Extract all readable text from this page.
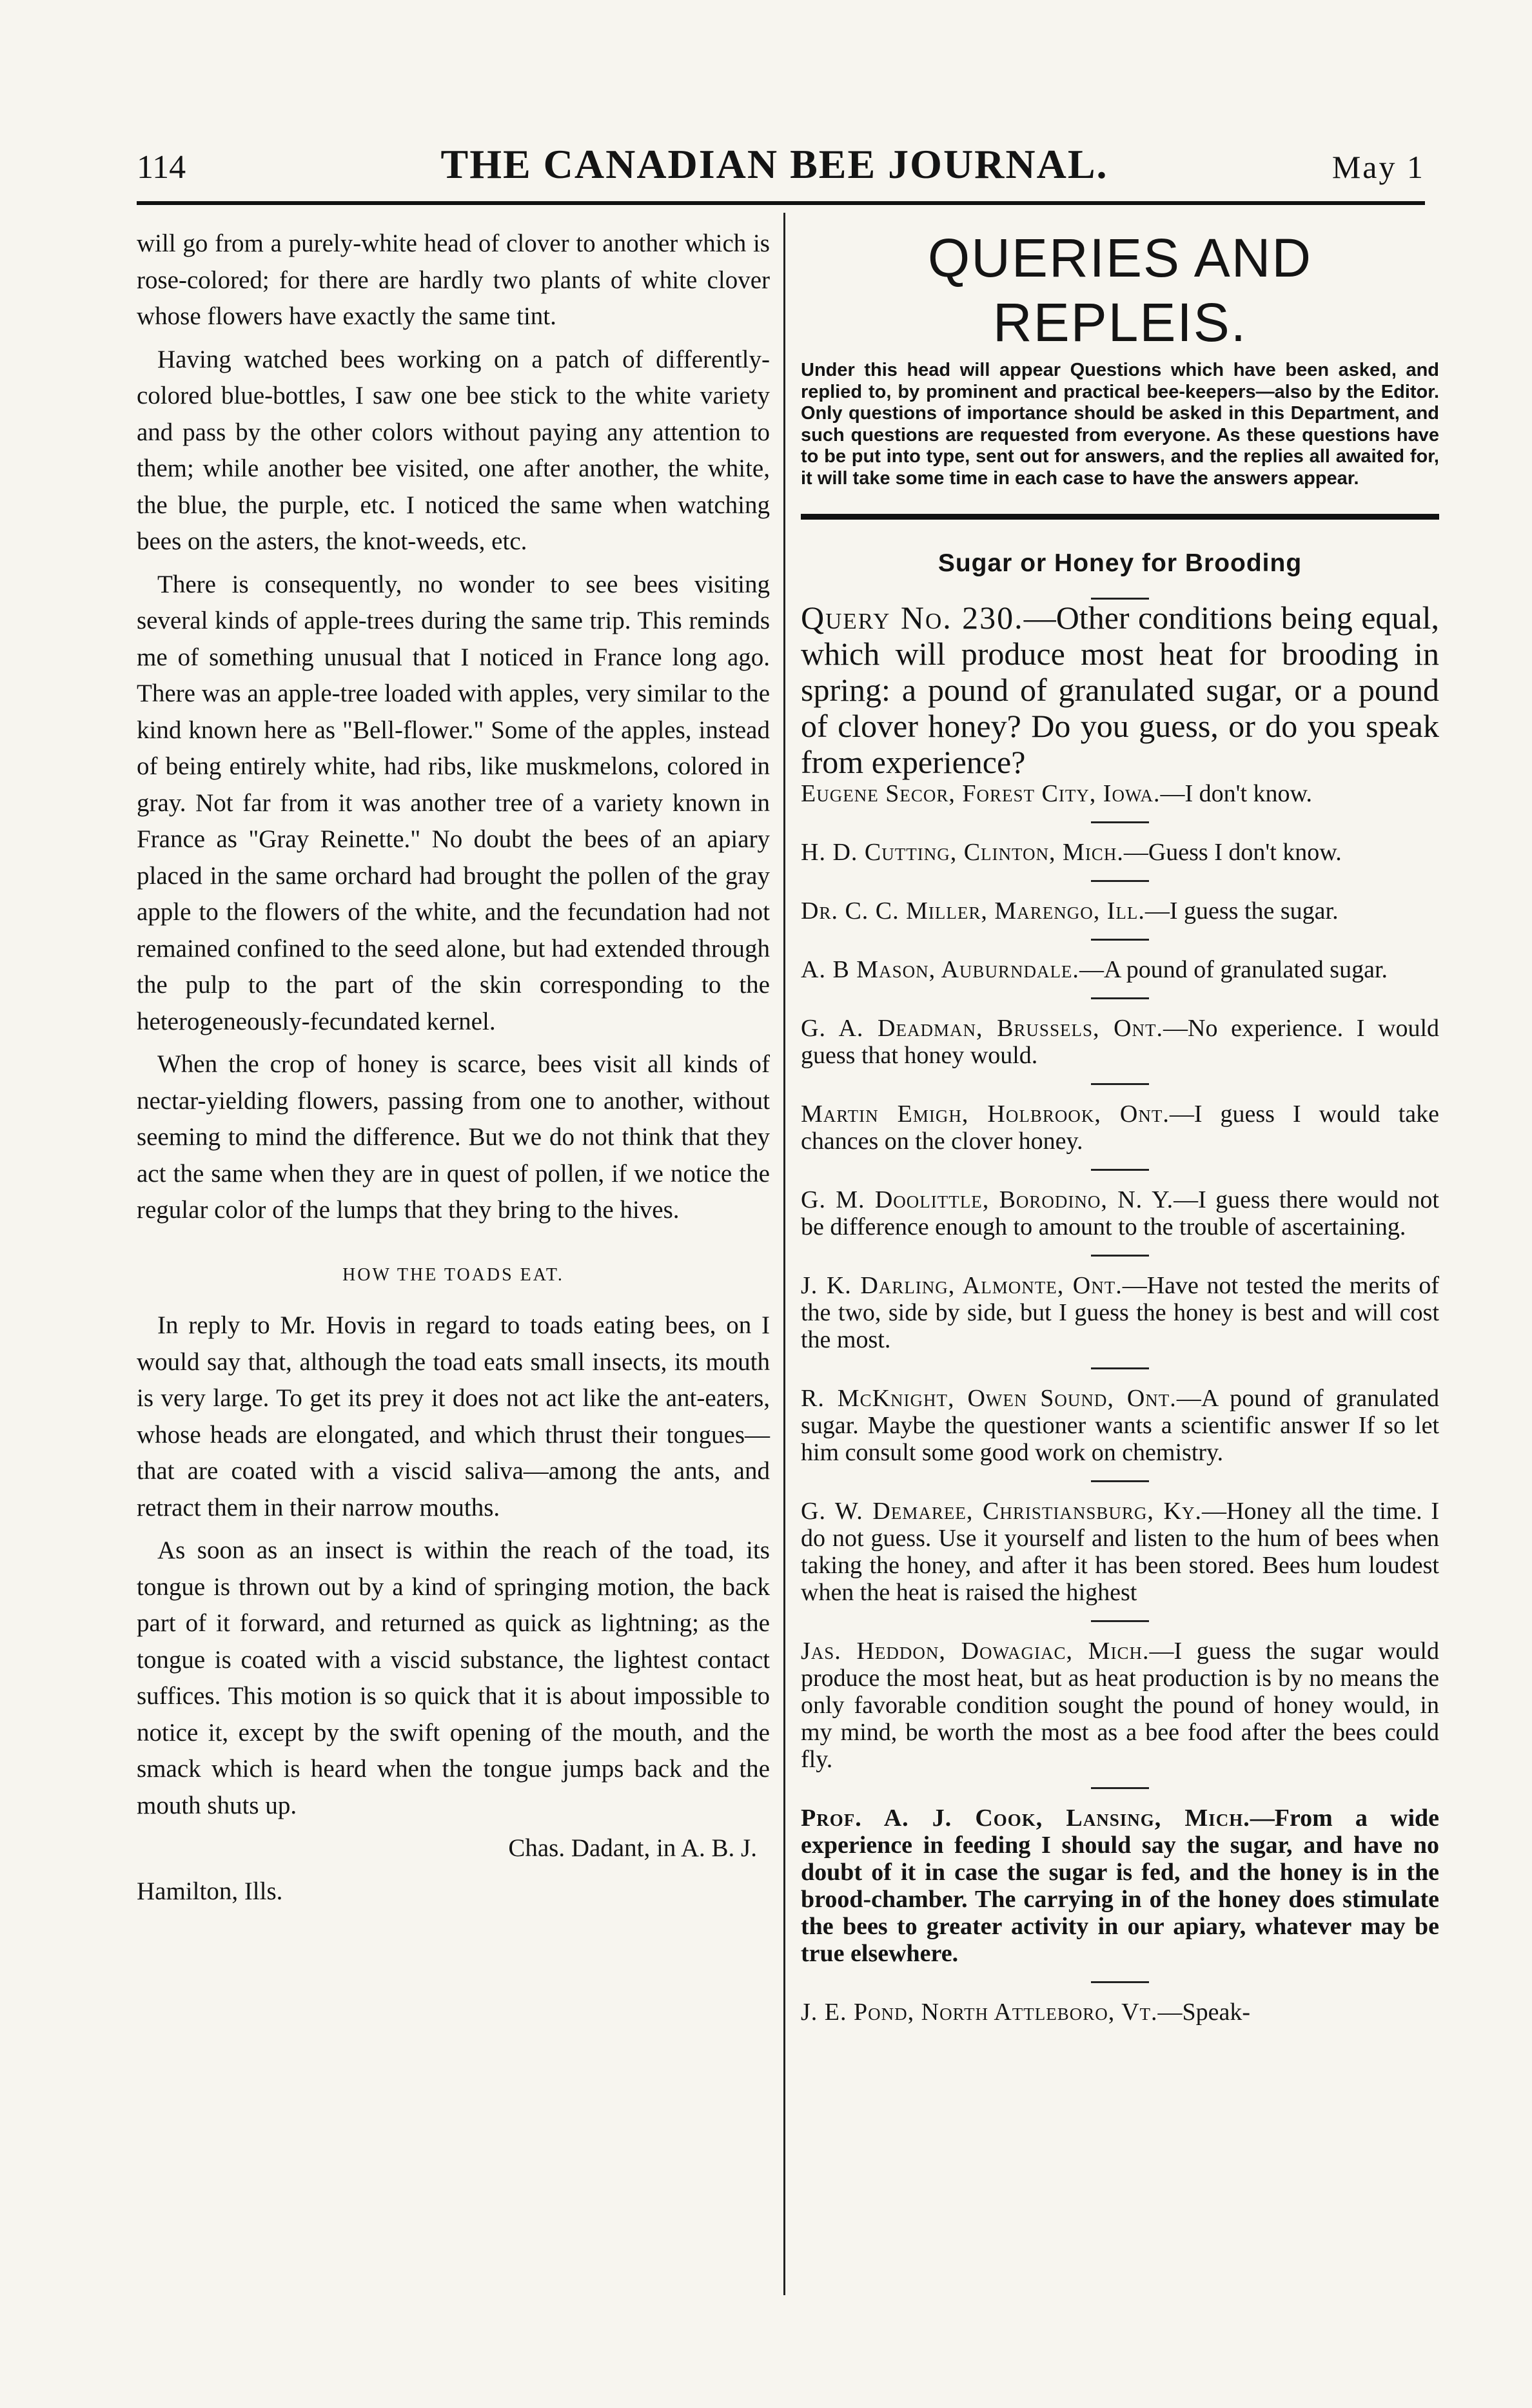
114	THE CANADIAN BEE JOURNAL.	May 1

will go from a purely-white head of clover to another which is rose-colored; for there are hardly two plants of white clover whose flowers have exactly the same tint.

Having watched bees working on a patch of differently-colored blue-bottles, I saw one bee stick to the white variety and pass by the other colors without paying any attention to them; while another bee visited, one after another, the white, the blue, the purple, etc. I noticed the same when watching bees on the asters, the knot-weeds, etc.

There is consequently, no wonder to see bees visiting several kinds of apple-trees during the same trip. This reminds me of something unusual that I noticed in France long ago. There was an apple-tree loaded with apples, very similar to the kind known here as "Bell-flower." Some of the apples, instead of being entirely white, had ribs, like muskmelons, colored in gray. Not far from it was another tree of a variety known in France as "Gray Reinette." No doubt the bees of an apiary placed in the same orchard had brought the pollen of the gray apple to the flowers of the white, and the fecundation had not remained confined to the seed alone, but had extended through the pulp to the part of the skin corresponding to the heterogeneously-fecundated kernel.

When the crop of honey is scarce, bees visit all kinds of nectar-yielding flowers, passing from one to another, without seeming to mind the difference. But we do not think that they act the same when they are in quest of pollen, if we notice the regular color of the lumps that they bring to the hives.

HOW THE TOADS EAT.

In reply to Mr. Hovis in regard to toads eating bees, on I would say that, although the toad eats small insects, its mouth is very large. To get its prey it does not act like the ant-eaters, whose heads are elongated, and which thrust their tongues—that are coated with a viscid saliva—among the ants, and retract them in their narrow mouths.

As soon as an insect is within the reach of the toad, its tongue is thrown out by a kind of springing motion, the back part of it forward, and returned as quick as lightning; as the tongue is coated with a viscid substance, the lightest contact suffices. This motion is so quick that it is about impossible to notice it, except by the swift opening of the mouth, and the smack which is heard when the tongue jumps back and the mouth shuts up.

Chas. Dadant, in A. B. J.

Hamilton, Ills.

QUERIES AND REPLEIS.
Under this head will appear Questions which have been asked, and replied to, by prominent and practical bee-keepers—also by the Editor. Only questions of importance should be asked in this Department, and such questions are requested from everyone. As these questions have to be put into type, sent out for answers, and the replies all awaited for, it will take some time in each case to have the answers appear.
Sugar or Honey for Brooding

Query No. 230.—Other conditions being equal, which will produce most heat for brooding in spring: a pound of granulated sugar, or a pound of clover honey? Do you guess, or do you speak from experience?

Eugene Secor, Forest City, Iowa.—I don't know.

H. D. Cutting, Clinton, Mich.—Guess I don't know.

Dr. C. C. Miller, Marengo, Ill.—I guess the sugar.

A. B Mason, Auburndale.—A pound of granulated sugar.

G. A. Deadman, Brussels, Ont.—No experience. I would guess that honey would.

Martin Emigh, Holbrook, Ont.—I guess I would take chances on the clover honey.

G. M. Doolittle, Borodino, N. Y.—I guess there would not be difference enough to amount to the trouble of ascertaining.

J. K. Darling, Almonte, Ont.—Have not tested the merits of the two, side by side, but I guess the honey is best and will cost the most.

R. McKnight, Owen Sound, Ont.—A pound of granulated sugar. Maybe the questioner wants a scientific answer If so let him consult some good work on chemistry.

G. W. Demaree, Christiansburg, Ky.—Honey all the time. I do not guess. Use it yourself and listen to the hum of bees when taking the honey, and after it has been stored. Bees hum loudest when the heat is raised the highest

Jas. Heddon, Dowagiac, Mich.—I guess the sugar would produce the most heat, but as heat production is by no means the only favorable condition sought the pound of honey would, in my mind, be worth the most as a bee food after the bees could fly.

Prof. A. J. Cook, Lansing, Mich.—From a wide experience in feeding I should say the sugar, and have no doubt of it in case the sugar is fed, and the honey is in the brood-chamber. The carrying in of the honey does stimulate the bees to greater activity in our apiary, whatever may be true elsewhere.

J. E. Pond, North Attleboro, Vt.—Speak-
